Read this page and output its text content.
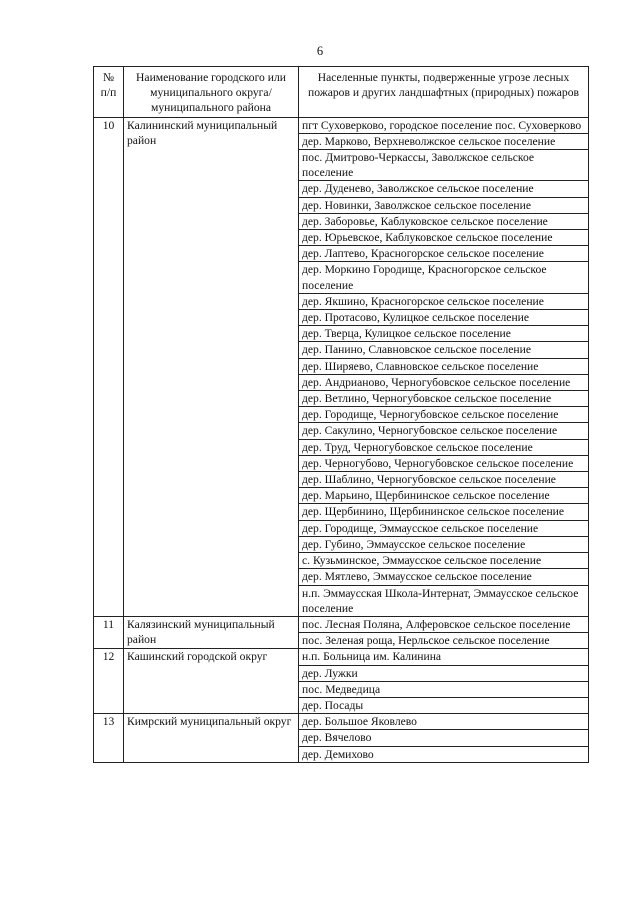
6
№ п/п	Наименование городского или муниципального округа/муниципального района	Населенные пункты, подверженные угрозе лесных пожаров и других ландшафтных (природных) пожаров
10	Калининский муниципальный район	пгт Суховерково, городское поселение пос. Суховерково
		дер. Марково, Верхневолжское сельское поселение
		пос. Дмитрово-Черкассы, Заволжское сельское поселение
		дер. Дуденево, Заволжское сельское поселение
		дер. Новинки, Заволжское сельское поселение
		дер. Заборовье, Каблуковское сельское поселение
		дер. Юрьевское, Каблуковское сельское поселение
		дер. Лаптево, Красногорское сельское поселение
		дер. Моркино Городище, Красногорское сельское поселение
		дер. Якшино, Красногорское сельское поселение
		дер. Протасово, Кулицкое сельское поселение
		дер. Тверца, Кулицкое сельское поселение
		дер. Панино, Славновское сельское поселение
		дер. Ширяево, Славновское сельское поселение
		дер. Андрианово, Черногубовское сельское поселение
		дер. Ветлино, Черногубовское сельское поселение
		дер. Городище, Черногубовское сельское поселение
		дер. Сакулино, Черногубовское сельское поселение
		дер. Труд, Черногубовское сельское поселение
		дер. Черногубово, Черногубовское сельское поселение
		дер. Шаблино, Черногубовское сельское поселение
		дер. Марьино, Щербининское сельское поселение
		дер. Щербинино, Щербининское сельское поселение
		дер. Городище, Эммаусское сельское поселение
		дер. Губино, Эммаусское сельское поселение
		с. Кузьминское, Эммаусское сельское поселение
		дер. Мятлево, Эммаусское сельское поселение
		н.п. Эммаусская Школа-Интернат, Эммаусское сельское поселение
11	Калязинский муниципальный район	пос. Лесная Поляна, Алферовское сельское поселение
		пос. Зеленая роща, Нерльское сельское поселение
12	Кашинский городской округ	н.п. Больница им. Калинина
		дер. Лужки
		пос. Медведица
		дер. Посады
13	Кимрский муниципальный округ	дер. Большое Яковлево
		дер. Вячелово
		дер. Демихово
